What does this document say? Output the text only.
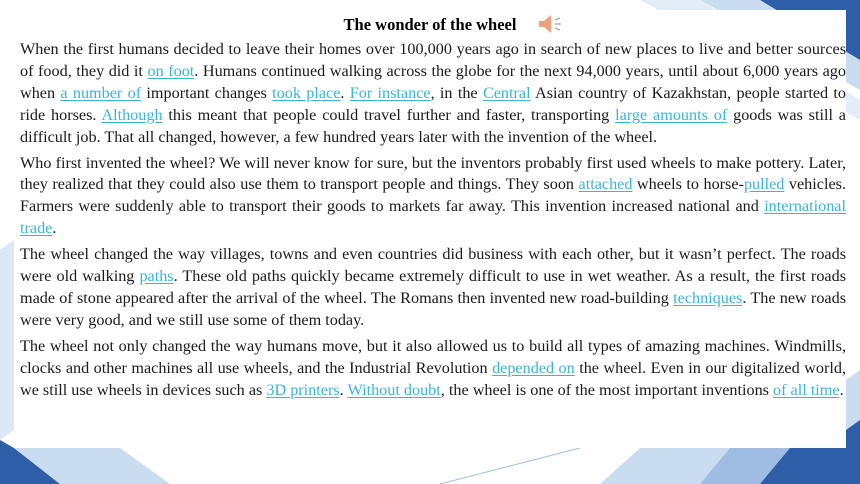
The wonder of the wheel

When the first humans decided to leave their homes over 100,000 years ago in search of new places to live and better sources of food, they did it on foot. Humans continued walking across the globe for the next 94,000 years, until about 6,000 years ago when a number of important changes took place. For instance, in the Central Asian country of Kazakhstan, people started to ride horses. Although this meant that people could travel further and faster, transporting large amounts of goods was still a difficult job. That all changed, however, a few hundred years later with the invention of the wheel.

Who first invented the wheel? We will never know for sure, but the inventors probably first used wheels to make pottery. Later, they realized that they could also use them to transport people and things. They soon attached wheels to horse-pulled vehicles. Farmers were suddenly able to transport their goods to markets far away. This invention increased national and international trade.

The wheel changed the way villages, towns and even countries did business with each other, but it wasn’t perfect. The roads were old walking paths. These old paths quickly became extremely difficult to use in wet weather. As a result, the first roads made of stone appeared after the arrival of the wheel. The Romans then invented new road-building techniques. The new roads were very good, and we still use some of them today.

The wheel not only changed the way humans move, but it also allowed us to build all types of amazing machines. Windmills, clocks and other machines all use wheels, and the Industrial Revolution depended on the wheel. Even in our digitalized world, we still use wheels in devices such as 3D printers. Without doubt, the wheel is one of the most important inventions of all time.
